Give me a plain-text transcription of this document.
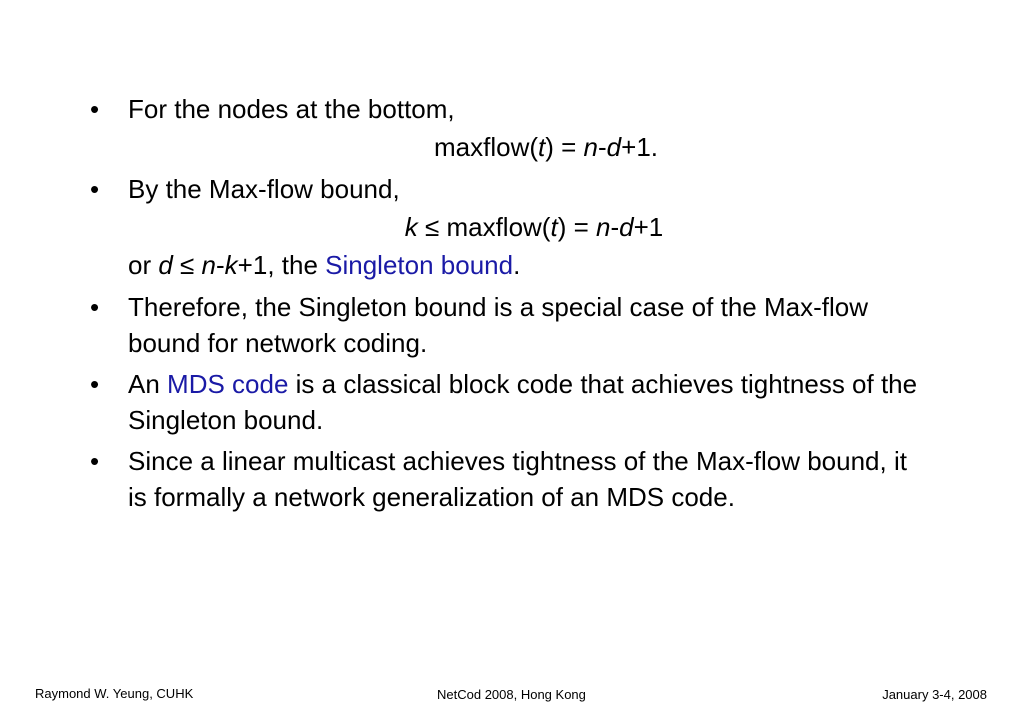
• For the nodes at the bottom,
maxflow(t) = n-d+1.
• By the Max-flow bound,
k ≤ maxflow(t) = n-d+1
or d ≤ n-k+1, the Singleton bound.
• Therefore, the Singleton bound is a special case of the Max-flow bound for network coding.
• An MDS code is a classical block code that achieves tightness of the Singleton bound.
• Since a linear multicast achieves tightness of the Max-flow bound, it is formally a network generalization of an MDS code.
Raymond W. Yeung, CUHK	NetCod 2008, Hong Kong	January 3-4, 2008
